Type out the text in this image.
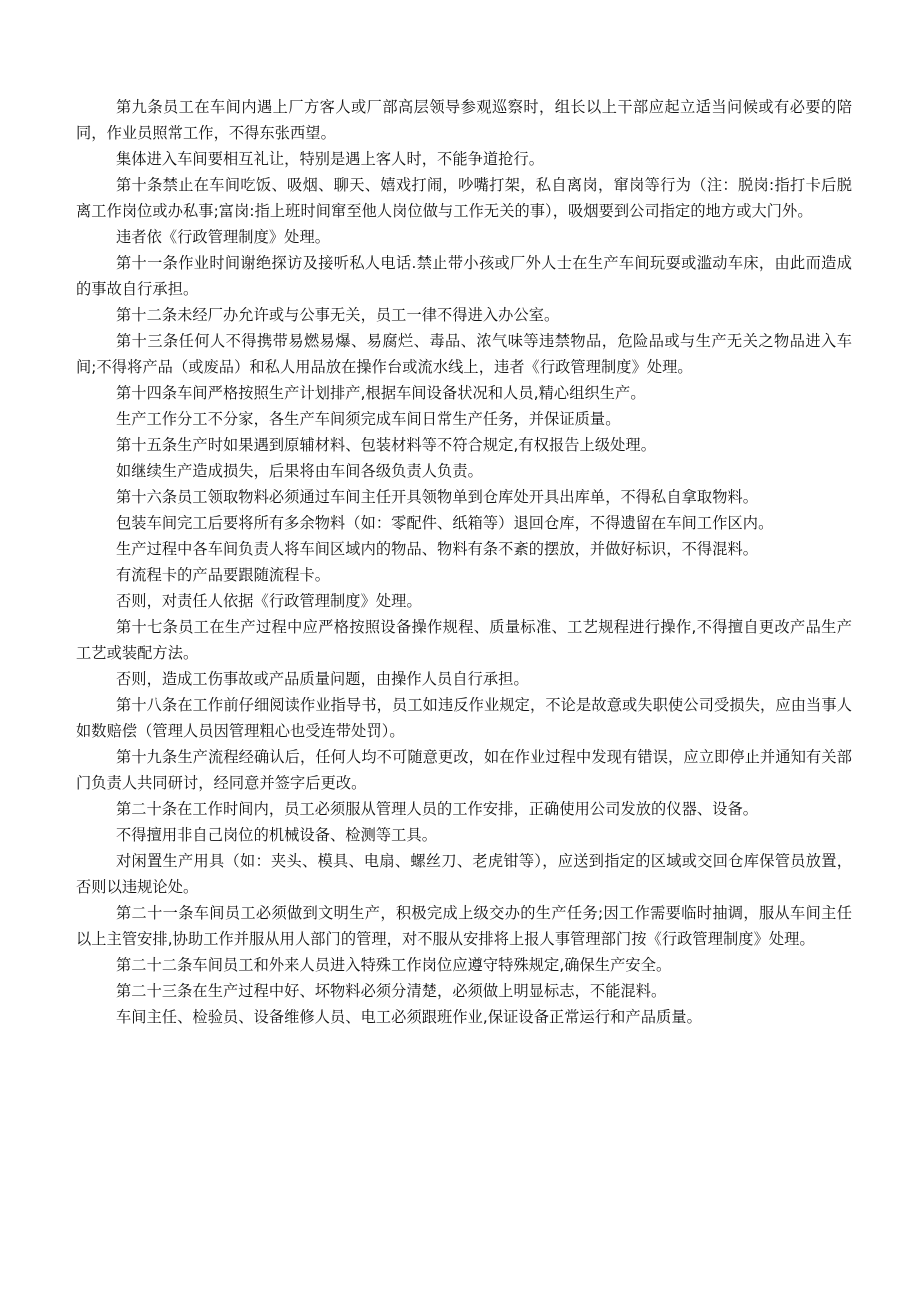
第九条员工在车间内遇上厂方客人或厂部高层领导参观巡察时，组长以上干部应起立适当问候或有必要的陪同，作业员照常工作，不得东张西望。

集体进入车间要相互礼让，特别是遇上客人时，不能争道抢行。

第十条禁止在车间吃饭、吸烟、聊天、嬉戏打闹，吵嘴打架，私自离岗，窜岗等行为（注：脱岗:指打卡后脱离工作岗位或办私事;富岗:指上班时间窜至他人岗位做与工作无关的事），吸烟要到公司指定的地方或大门外。

违者依《行政管理制度》处理。

第十一条作业时间谢绝探访及接听私人电话.禁止带小孩或厂外人士在生产车间玩耍或滥动车床，由此而造成的事故自行承担。

第十二条未经厂办允许或与公事无关，员工一律不得进入办公室。

第十三条任何人不得携带易燃易爆、易腐烂、毒品、浓气味等违禁物品，危险品或与生产无关之物品进入车间;不得将产品（或废品）和私人用品放在操作台或流水线上，违者《行政管理制度》处理。

第十四条车间严格按照生产计划排产,根据车间设备状况和人员,精心组织生产。

生产工作分工不分家，各生产车间须完成车间日常生产任务，并保证质量。

第十五条生产时如果遇到原辅材料、包装材料等不符合规定,有权报告上级处理。

如继续生产造成损失，后果将由车间各级负责人负责。

第十六条员工领取物料必须通过车间主任开具领物单到仓库处开具出库单，不得私自拿取物料。

包装车间完工后要将所有多余物料（如：零配件、纸箱等）退回仓库，不得遗留在车间工作区内。

生产过程中各车间负责人将车间区域内的物品、物料有条不紊的摆放，并做好标识，不得混料。

有流程卡的产品要跟随流程卡。

否则，对责任人依据《行政管理制度》处理。

第十七条员工在生产过程中应严格按照设备操作规程、质量标准、工艺规程进行操作,不得擅自更改产品生产工艺或装配方法。

否则，造成工伤事故或产品质量问题，由操作人员自行承担。

第十八条在工作前仔细阅读作业指导书，员工如违反作业规定，不论是故意或失职使公司受损失，应由当事人如数赔偿（管理人员因管理粗心也受连带处罚）。

第十九条生产流程经确认后，任何人均不可随意更改，如在作业过程中发现有错误，应立即停止并通知有关部门负责人共同研讨，经同意并签字后更改。

第二十条在工作时间内，员工必须服从管理人员的工作安排，正确使用公司发放的仪器、设备。

不得擅用非自己岗位的机械设备、检测等工具。

对闲置生产用具（如：夹头、模具、电扇、螺丝刀、老虎钳等），应送到指定的区域或交回仓库保管员放置，否则以违规论处。

第二十一条车间员工必须做到文明生产，积极完成上级交办的生产任务;因工作需要临时抽调，服从车间主任以上主管安排,协助工作并服从用人部门的管理，对不服从安排将上报人事管理部门按《行政管理制度》处理。

第二十二条车间员工和外来人员进入特殊工作岗位应遵守特殊规定,确保生产安全。

第二十三条在生产过程中好、坏物料必须分清楚，必须做上明显标志，不能混料。

车间主任、检验员、设备维修人员、电工必须跟班作业,保证设备正常运行和产品质量。
